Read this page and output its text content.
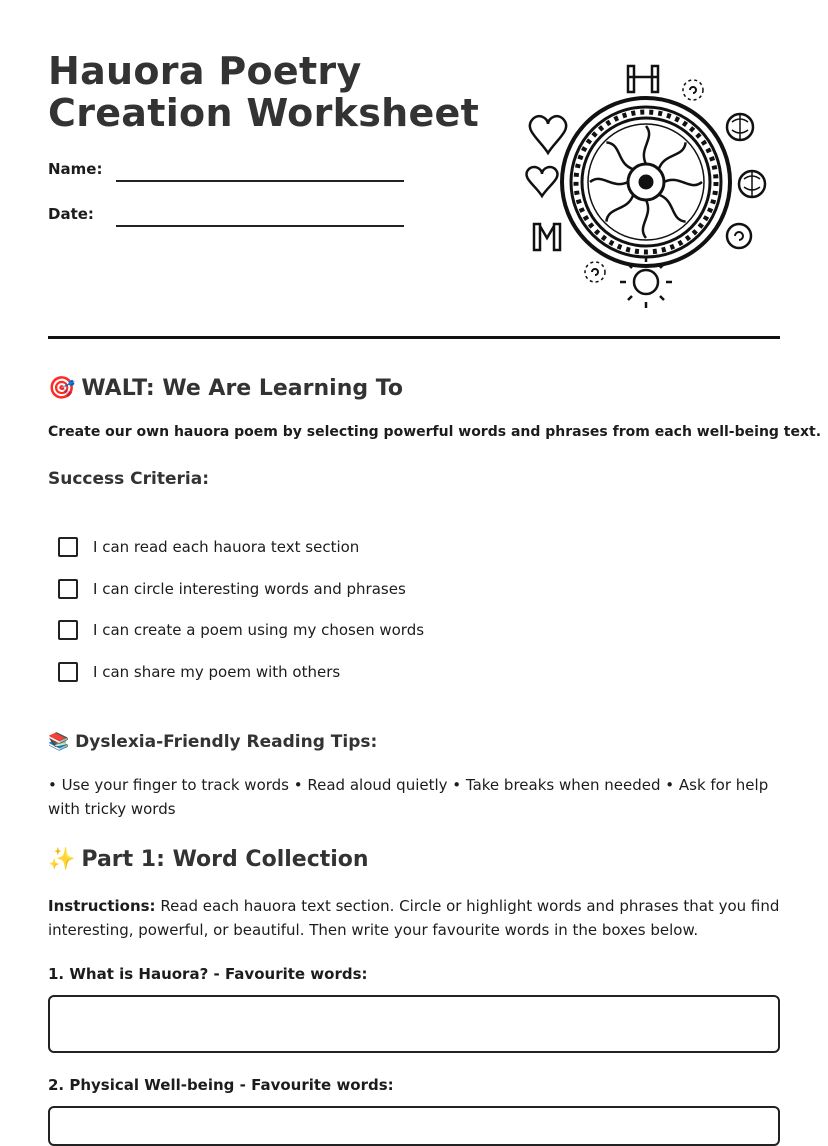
Hauora Poetry Creation Worksheet
Name:
Date:
🎯 WALT: We Are Learning To
Create our own hauora poem by selecting powerful words and phrases from each well-being text.
Success Criteria:
I can read each hauora text section
I can circle interesting words and phrases
I can create a poem using my chosen words
I can share my poem with others
📚 Dyslexia-Friendly Reading Tips:
• Use your finger to track words • Read aloud quietly • Take breaks when needed • Ask for help with tricky words
✨ Part 1: Word Collection
Instructions: Read each hauora text section. Circle or highlight words and phrases that you find interesting, powerful, or beautiful. Then write your favourite words in the boxes below.
1. What is Hauora? - Favourite words:
2. Physical Well-being - Favourite words:
